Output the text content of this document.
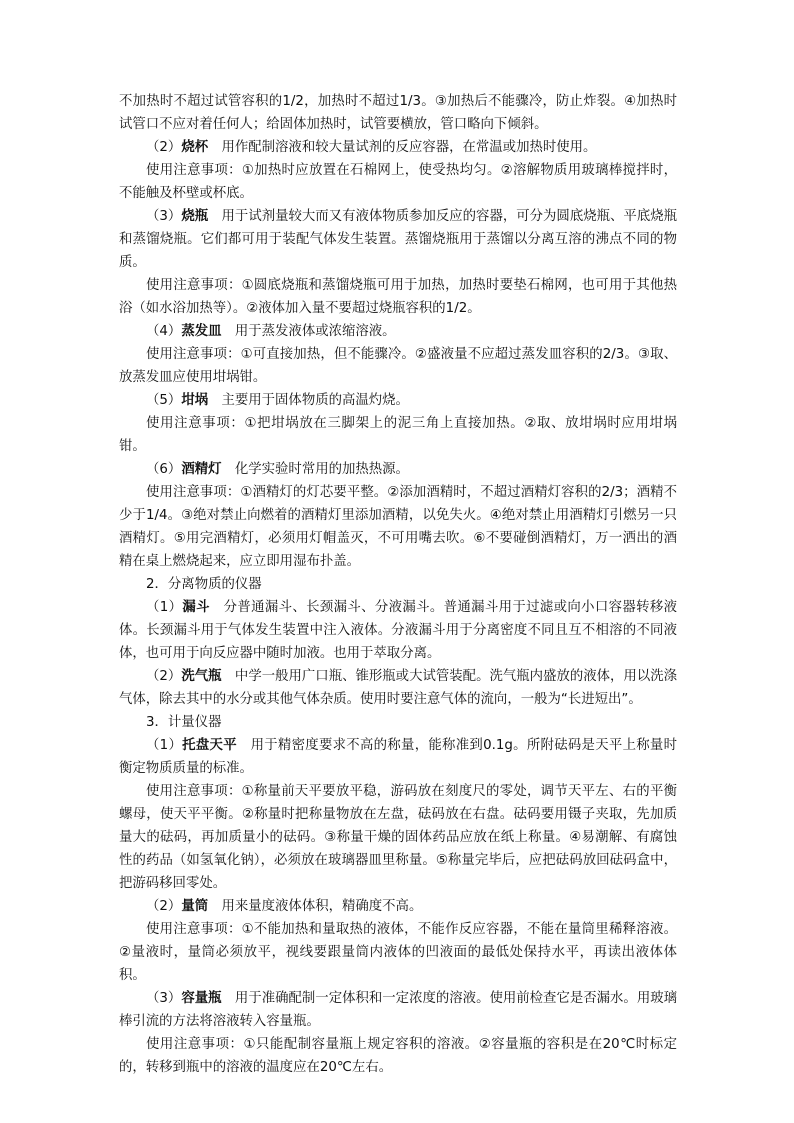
不加热时不超过试管容积的1/2，加热时不超过1/3。③加热后不能骤冷，防止炸裂。④加热时试管口不应对着任何人；给固体加热时，试管要横放，管口略向下倾斜。

（2）烧杯　用作配制溶液和较大量试剂的反应容器，在常温或加热时使用。

使用注意事项：①加热时应放置在石棉网上，使受热均匀。②溶解物质用玻璃棒搅拌时，不能触及杯壁或杯底。

（3）烧瓶　用于试剂量较大而又有液体物质参加反应的容器，可分为圆底烧瓶、平底烧瓶和蒸馏烧瓶。它们都可用于装配气体发生装置。蒸馏烧瓶用于蒸馏以分离互溶的沸点不同的物质。

使用注意事项：①圆底烧瓶和蒸馏烧瓶可用于加热，加热时要垫石棉网，也可用于其他热浴（如水浴加热等）。②液体加入量不要超过烧瓶容积的1/2。

（4）蒸发皿　用于蒸发液体或浓缩溶液。

使用注意事项：①可直接加热，但不能骤冷。②盛液量不应超过蒸发皿容积的2/3。③取、放蒸发皿应使用坩埚钳。

（5）坩埚　主要用于固体物质的高温灼烧。

使用注意事项：①把坩埚放在三脚架上的泥三角上直接加热。②取、放坩埚时应用坩埚钳。

（6）酒精灯　化学实验时常用的加热热源。

使用注意事项：①酒精灯的灯芯要平整。②添加酒精时，不超过酒精灯容积的2/3；酒精不少于1/4。③绝对禁止向燃着的酒精灯里添加酒精，以免失火。④绝对禁止用酒精灯引燃另一只酒精灯。⑤用完酒精灯，必须用灯帽盖灭，不可用嘴去吹。⑥不要碰倒酒精灯，万一洒出的酒精在桌上燃烧起来，应立即用湿布扑盖。

2．分离物质的仪器

（1）漏斗　分普通漏斗、长颈漏斗、分液漏斗。普通漏斗用于过滤或向小口容器转移液体。长颈漏斗用于气体发生装置中注入液体。分液漏斗用于分离密度不同且互不相溶的不同液体，也可用于向反应器中随时加液。也用于萃取分离。

（2）洗气瓶　中学一般用广口瓶、锥形瓶或大试管装配。洗气瓶内盛放的液体，用以洗涤气体，除去其中的水分或其他气体杂质。使用时要注意气体的流向，一般为“长进短出”。

3．计量仪器

（1）托盘天平　用于精密度要求不高的称量，能称准到0.1g。所附砝码是天平上称量时衡定物质质量的标准。

使用注意事项：①称量前天平要放平稳，游码放在刻度尺的零处，调节天平左、右的平衡螺母，使天平平衡。②称量时把称量物放在左盘，砝码放在右盘。砝码要用镊子夹取，先加质量大的砝码，再加质量小的砝码。③称量干燥的固体药品应放在纸上称量。④易潮解、有腐蚀性的药品（如氢氧化钠），必须放在玻璃器皿里称量。⑤称量完毕后，应把砝码放回砝码盒中，把游码移回零处。

（2）量筒　用来量度液体体积，精确度不高。

使用注意事项：①不能加热和量取热的液体，不能作反应容器，不能在量筒里稀释溶液。②量液时，量筒必须放平，视线要跟量筒内液体的凹液面的最低处保持水平，再读出液体体积。

（3）容量瓶　用于准确配制一定体积和一定浓度的溶液。使用前检查它是否漏水。用玻璃棒引流的方法将溶液转入容量瓶。

使用注意事项：①只能配制容量瓶上规定容积的溶液。②容量瓶的容积是在20℃时标定的，转移到瓶中的溶液的温度应在20℃左右。
